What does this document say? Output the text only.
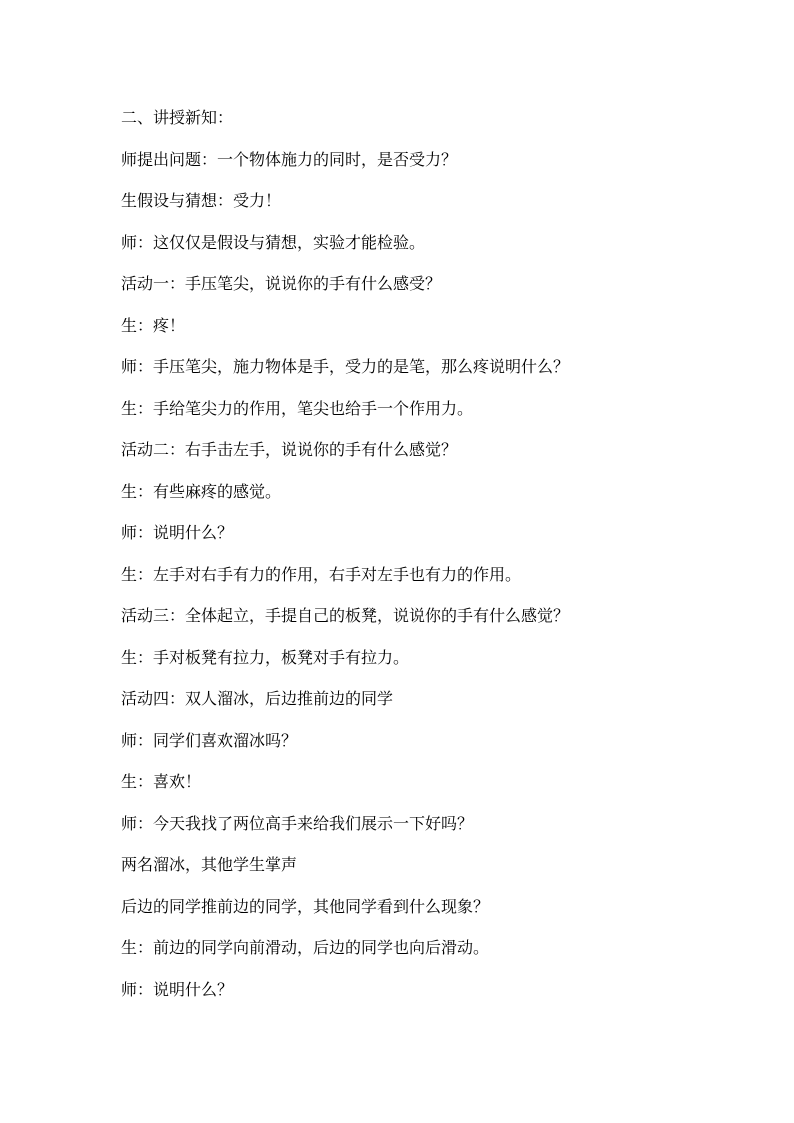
二、讲授新知：
师提出问题：一个物体施力的同时，是否受力？
生假设与猜想：受力！
师：这仅仅是假设与猜想，实验才能检验。
活动一：手压笔尖，说说你的手有什么感受？
生：疼！
师：手压笔尖，施力物体是手，受力的是笔，那么疼说明什么？
生：手给笔尖力的作用，笔尖也给手一个作用力。
活动二：右手击左手，说说你的手有什么感觉？
生：有些麻疼的感觉。
师：说明什么？
生：左手对右手有力的作用，右手对左手也有力的作用。
活动三：全体起立，手提自己的板凳，说说你的手有什么感觉？
生：手对板凳有拉力，板凳对手有拉力。
活动四：双人溜冰，后边推前边的同学
师：同学们喜欢溜冰吗？
生：喜欢！
师：今天我找了两位高手来给我们展示一下好吗？
两名溜冰，其他学生掌声
后边的同学推前边的同学，其他同学看到什么现象？
生：前边的同学向前滑动，后边的同学也向后滑动。
师：说明什么？
